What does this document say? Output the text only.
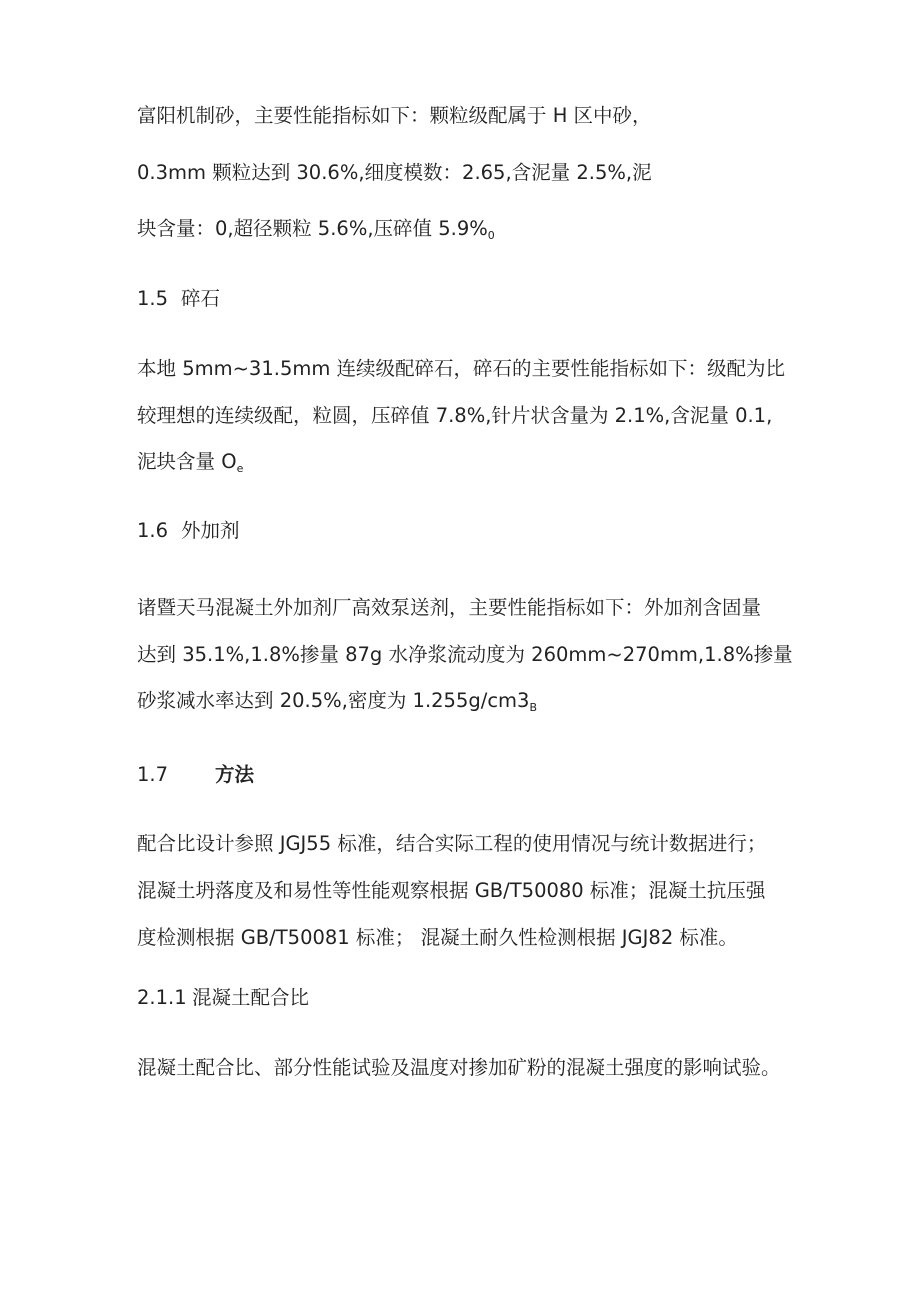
富阳机制砂，主要性能指标如下：颗粒级配属于 H 区中砂，

0.3mm 颗粒达到 30.6%,细度模数：2.65,含泥量 2.5%,泥

块含量：0,超径颗粒 5.6%,压碎值 $5.9\%_0$

1.5 碎石

本地 5mm~31.5mm 连续级配碎石，碎石的主要性能指标如下：级配为比

较理想的连续级配，粒圆，压碎值 7.8%,针片状含量为 2.1%,含泥量 0.1,

泥块含量 $O_e$

1.6 外加剂

诸暨天马混凝土外加剂厂高效泵送剂，主要性能指标如下：外加剂含固量

达到 35.1%,1.8%掺量 87g 水净浆流动度为 260mm~270mm,1.8%掺量

砂浆减水率达到 20.5%,密度为 $1.255g/cm3_B$

1.7 方法

配合比设计参照 JGJ55 标准，结合实际工程的使用情况与统计数据进行；

混凝土坍落度及和易性等性能观察根据 GB/T50080 标准；混凝土抗压强

度检测根据 GB/T50081 标准； 混凝土耐久性检测根据 JGJ82 标准。

2.1.1 混凝土配合比

混凝土配合比、部分性能试验及温度对掺加矿粉的混凝土强度的影响试验。
